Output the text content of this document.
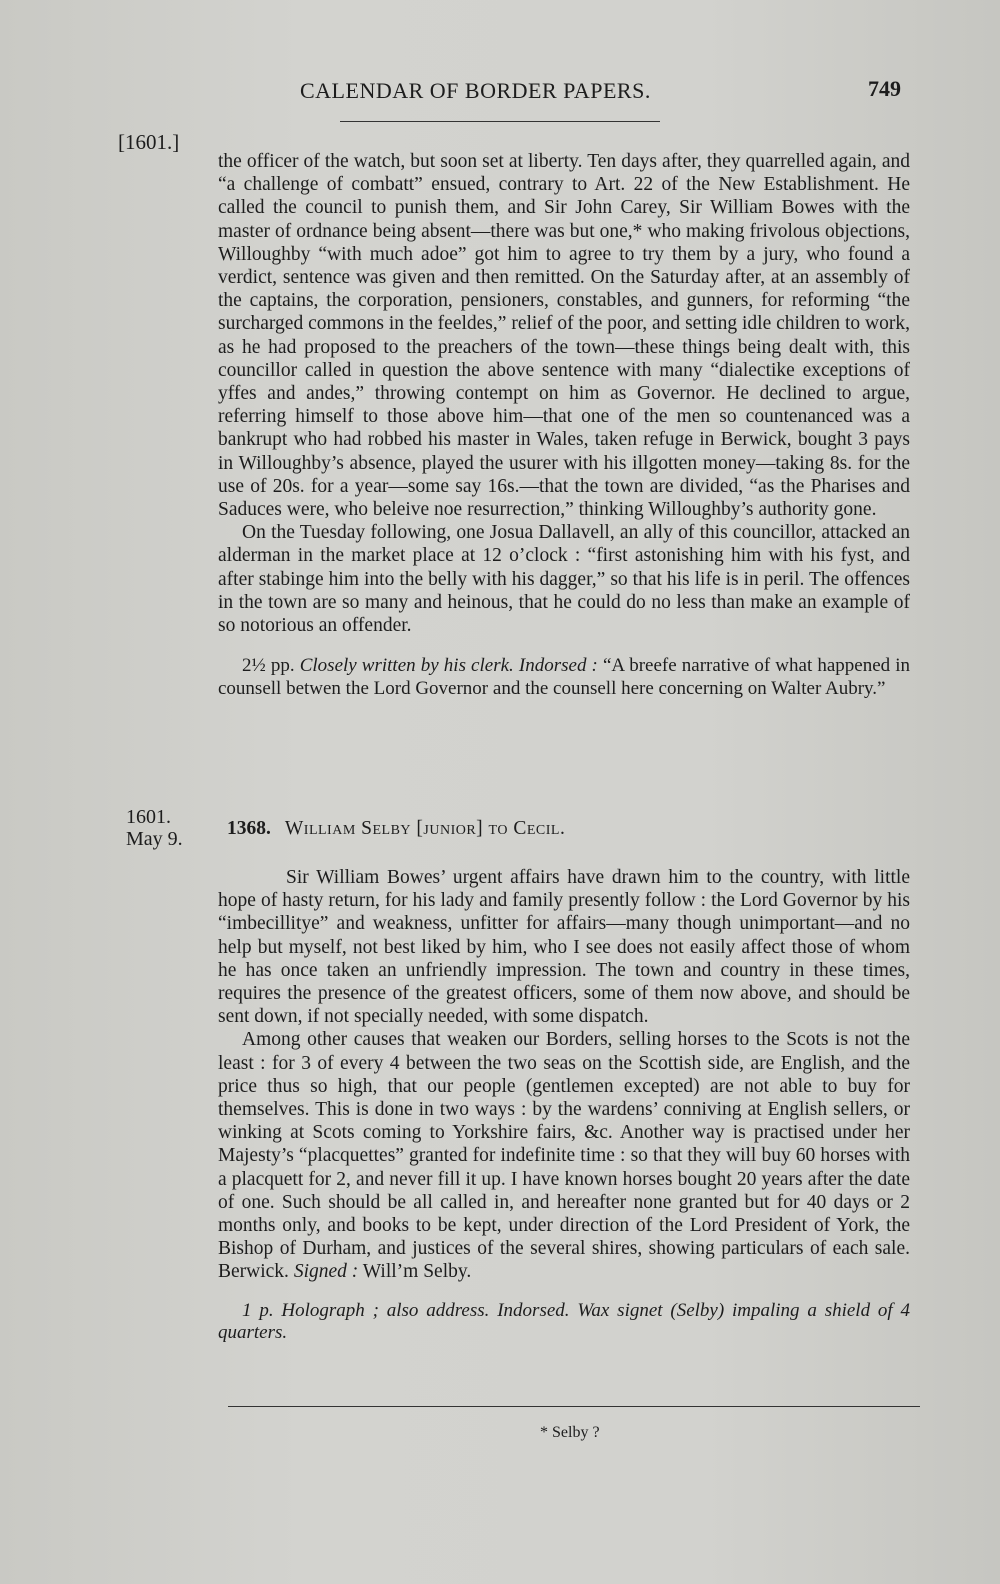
CALENDAR OF BORDER PAPERS.	749
[1601.]

the officer of the watch, but soon set at liberty. Ten days after, they quarrelled again, and “a challenge of combatt” ensued, contrary to Art. 22 of the New Establishment. He called the council to punish them, and Sir John Carey, Sir William Bowes with the master of ordnance being absent—there was but one,* who making frivolous objections, Willoughby “with much adoe” got him to agree to try them by a jury, who found a verdict, sentence was given and then remitted. On the Saturday after, at an assembly of the captains, the corporation, pensioners, constables, and gunners, for reforming “the surcharged commons in the feeldes,” relief of the poor, and setting idle children to work, as he had proposed to the preachers of the town—these things being dealt with, this councillor called in question the above sentence with many “dialectike exceptions of yffes and andes,” throwing contempt on him as Governor. He declined to argue, referring himself to those above him—that one of the men so countenanced was a bankrupt who had robbed his master in Wales, taken refuge in Berwick, bought 3 pays in Willoughby’s absence, played the usurer with his illgotten money—taking 8s. for the use of 20s. for a year—some say 16s.—that the town are divided, “as the Pharises and Saduces were, who beleive noe resurrection,” thinking Willoughby’s authority gone.

On the Tuesday following, one Josua Dallavell, an ally of this councillor, attacked an alderman in the market place at 12 o’clock : “first astonishing him with his fyst, and after stabinge him into the belly with his dagger,” so that his life is in peril. The offences in the town are so many and heinous, that he could do no less than make an example of so notorious an offender.

2½ pp. Closely written by his clerk. Indorsed : “A breefe narrative of what happened in counsell betwen the Lord Governor and the counsell here concerning on Walter Aubry.”

1601.
May 9. 1368. William Selby [junior] to Cecil.

Sir William Bowes’ urgent affairs have drawn him to the country, with little hope of hasty return, for his lady and family presently follow : the Lord Governor by his “imbecillitye” and weakness, unfitter for affairs—many though unimportant—and no help but myself, not best liked by him, who I see does not easily affect those of whom he has once taken an unfriendly impression. The town and country in these times, requires the presence of the greatest officers, some of them now above, and should be sent down, if not specially needed, with some dispatch.

Among other causes that weaken our Borders, selling horses to the Scots is not the least : for 3 of every 4 between the two seas on the Scottish side, are English, and the price thus so high, that our people (gentlemen excepted) are not able to buy for themselves. This is done in two ways : by the wardens’ conniving at English sellers, or winking at Scots coming to Yorkshire fairs, &c. Another way is practised under her Majesty’s “placquettes” granted for indefinite time : so that they will buy 60 horses with a placquett for 2, and never fill it up. I have known horses bought 20 years after the date of one. Such should be all called in, and hereafter none granted but for 40 days or 2 months only, and books to be kept, under direction of the Lord President of York, the Bishop of Durham, and justices of the several shires, showing particulars of each sale. Berwick. Signed : Will’m Selby.

1 p. Holograph ; also address. Indorsed. Wax signet (Selby) impaling a shield of 4 quarters.

* Selby ?
